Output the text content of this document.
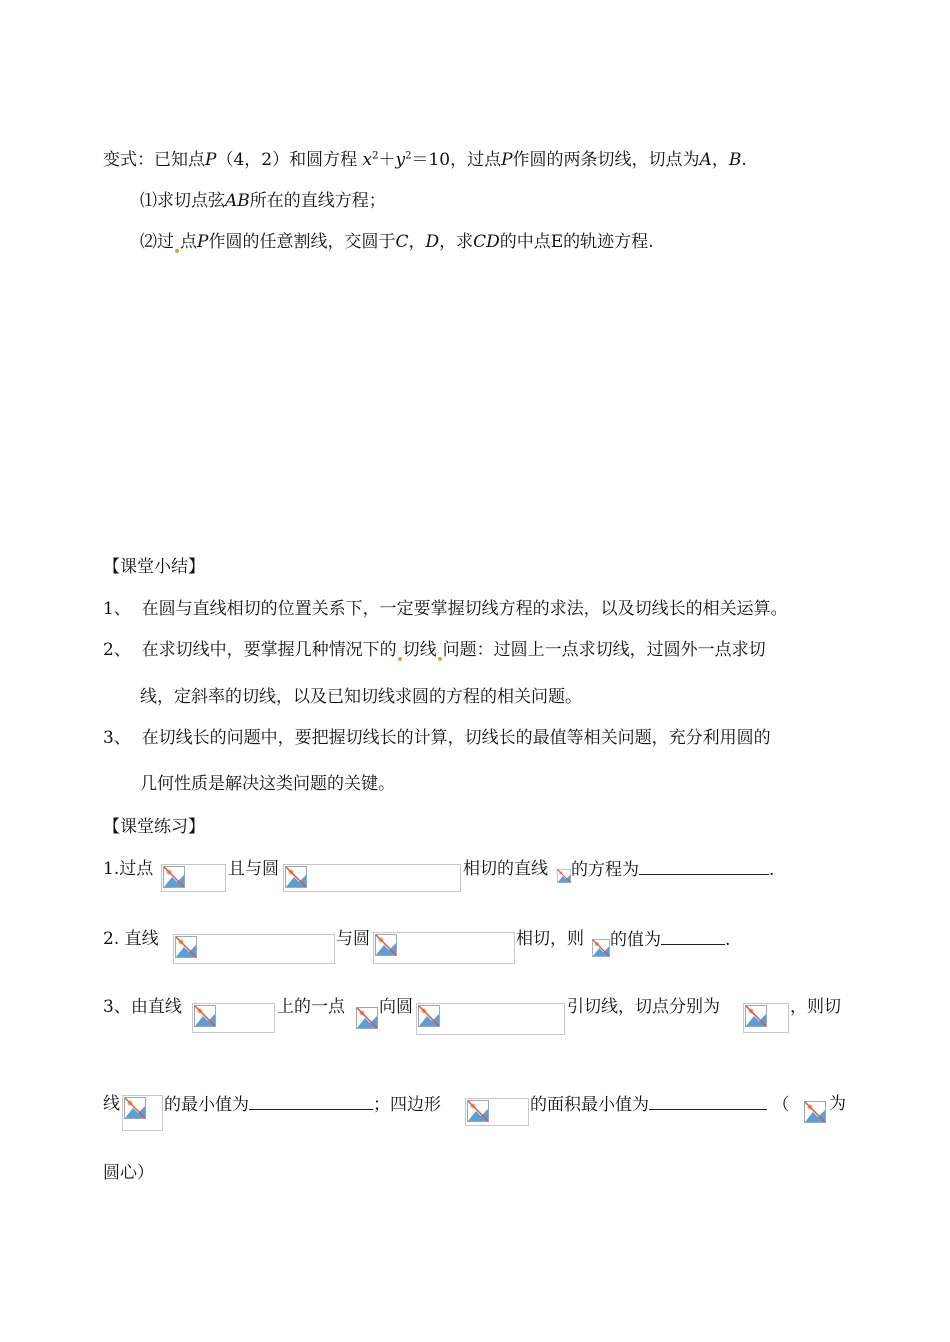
变式：已知点P（4，2）和圆方程 $x^2+y^2=10$，过点P作圆的两条切线，切点为A，B.
⑴求切点弦AB所在的直线方程；
⑵过 点P作圆的任意割线，交圆于C，D，求CD的中点E的轨迹方程.
【课堂小结】
1、 在圆与直线相切的位置关系下，一定要掌握切线方程的求法，以及切线长的相关运算。
2、 在求切线中，要掌握几种情况下的 切线 问题：过圆上一点求切线，过圆外一点求切
线，定斜率的切线，以及已知切线求圆的方程的相关问题。
3、 在切线长的问题中，要把握切线长的计算，切线长的最值等相关问题，充分利用圆的
几何性质是解决这类问题的关键。
【课堂练习】
1.过点	且与圆	相切的直线 的方程为	.
2. 直线	与圆	相切，则 的值为	.
3、由直线	上的一点 向圆	引切线，切点分别为	，则切
线	的最小值为	；四边形	的面积最小值为	（ 为
圆心）
